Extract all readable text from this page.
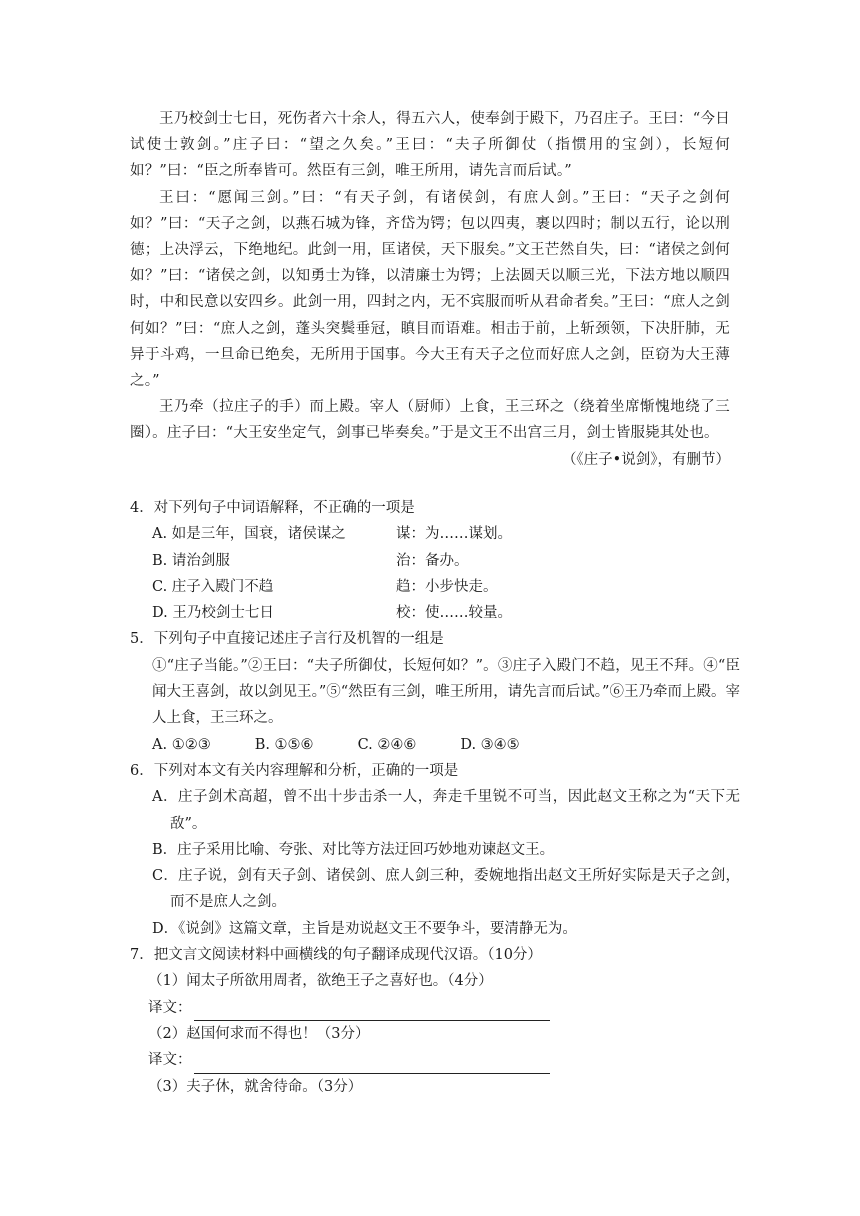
王乃校剑士七日，死伤者六十余人，得五六人，使奉剑于殿下，乃召庄子。王曰：“今日试使士敦剑。”庄子曰：“望之久矣。”王曰：“夫子所御仗（指惯用的宝剑），长短何如？”曰：“臣之所奉皆可。然臣有三剑，唯王所用，请先言而后试。”

王曰：“愿闻三剑。”曰：“有天子剑，有诸侯剑，有庶人剑。”王曰：“天子之剑何如？”曰：“天子之剑，以燕石城为锋，齐岱为锷；包以四夷，裹以四时；制以五行，论以刑德；上决浮云，下绝地纪。此剑一用，匡诸侯，天下服矣。”文王芒然自失，曰：“诸侯之剑何如？”曰：“诸侯之剑，以知勇士为锋，以清廉士为锷；上法圆天以顺三光，下法方地以顺四时，中和民意以安四乡。此剑一用，四封之内，无不宾服而听从君命者矣。”王曰：“庶人之剑何如？”曰：“庶人之剑，蓬头突鬓垂冠，瞋目而语难。相击于前，上斩颈领，下决肝肺，无异于斗鸡，一旦命已绝矣，无所用于国事。今大王有天子之位而好庶人之剑，臣窃为大王薄之。”

王乃牵（拉庄子的手）而上殿。宰人（厨师）上食，王三环之（绕着坐席惭愧地绕了三圈）。庄子曰：“大王安坐定气，剑事已毕奏矣。”于是文王不出宫三月，剑士皆服毙其处也。

（《庄子•说剑》，有删节）

4．对下列句子中词语解释，不正确的一项是

A. 如是三年，国衰，诸侯谋之	谋：为……谋划。
B. 请治剑服	治：备办。
C. 庄子入殿门不趋	趋：小步快走。
D. 王乃校剑士七日	校：使……较量。

5．下列句子中直接记述庄子言行及机智的一组是

①“庄子当能。”②王曰：“夫子所御仗，长短何如？”。③庄子入殿门不趋，见王不拜。④“臣闻大王喜剑，故以剑见王。”⑤“然臣有三剑，唯王所用，请先言而后试。”⑥王乃牵而上殿。宰人上食，王三环之。

A. ①②③	B. ①⑤⑥	C. ②④⑥	D. ③④⑤

6．下列对本文有关内容理解和分析，正确的一项是

A．庄子剑术高超，曾不出十步击杀一人，奔走千里锐不可当，因此赵文王称之为“天下无敌”。

B．庄子采用比喻、夸张、对比等方法迂回巧妙地劝谏赵文王。

C．庄子说，剑有天子剑、诸侯剑、庶人剑三种，委婉地指出赵文王所好实际是天子之剑，而不是庶人之剑。

D．《说剑》这篇文章，主旨是劝说赵文王不要争斗，要清静无为。

7．把文言文阅读材料中画横线的句子翻译成现代汉语。（10分）

（1）闻太子所欲用周者，欲绝王子之喜好也。（4分）

译文：

（2）赵国何求而不得也！（3分）

译文：

（3）夫子休，就舍待命。（3分）
